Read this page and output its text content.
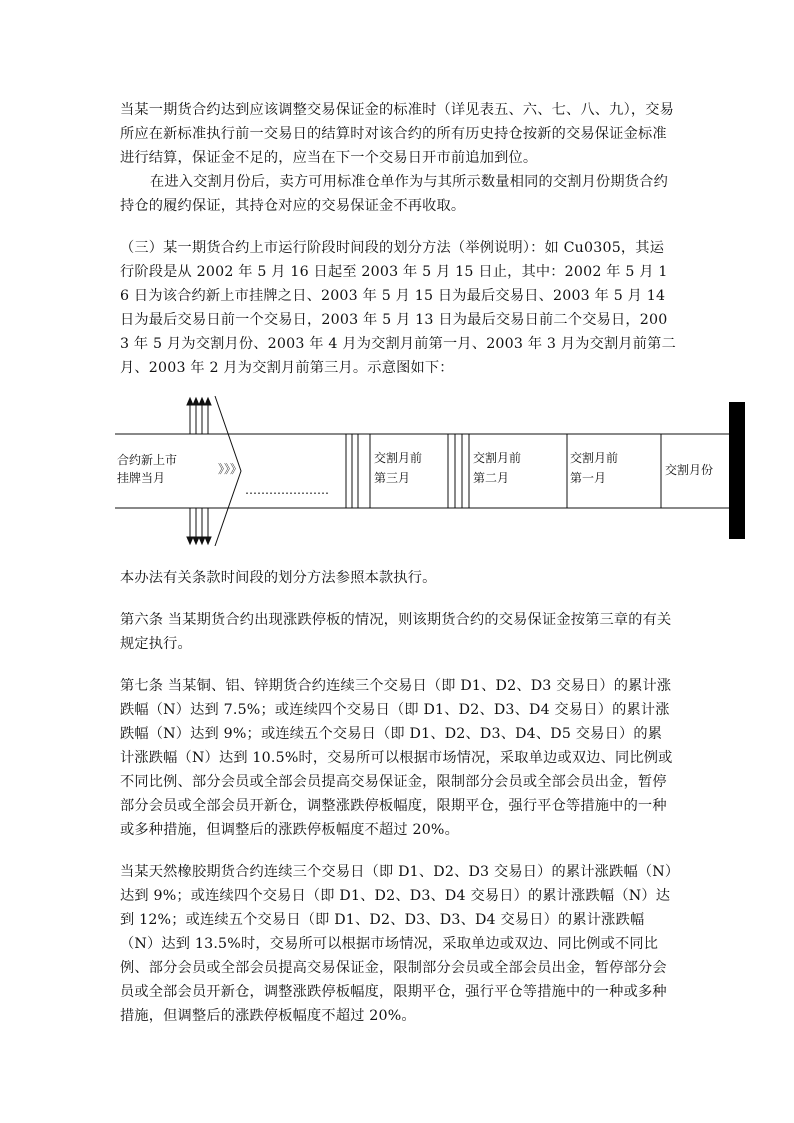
当某一期货合约达到应该调整交易保证金的标准时（详见表五、六、七、八、九），交易所应在新标准执行前一交易日的结算时对该合约的所有历史持仓按新的交易保证金标准进行结算，保证金不足的，应当在下一个交易日开市前追加到位。

在进入交割月份后，卖方可用标准仓单作为与其所示数量相同的交割月份期货合约持仓的履约保证，其持仓对应的交易保证金不再收取。

（三）某一期货合约上市运行阶段时间段的划分方法（举例说明）：如 Cu0305，其运行阶段是从 2002 年 5 月 16 日起至 2003 年 5 月 15 日止，其中：2002 年 5 月 16 日为该合约新上市挂牌之日、2003 年 5 月 15 日为最后交易日、2003 年 5 月 14 日为最后交易日前一个交易日，2003 年 5 月 13 日为最后交易日前二个交易日，2003 年 5 月为交割月份、2003 年 4 月为交割月前第一月、2003 年 3 月为交割月前第二月、2003 年 2 月为交割月前第三月。示意图如下：

合约新上市
挂牌当月
》》》
…………………
交割月前
第三月
交割月前
第二月
交割月前
第一月
交割月份

本办法有关条款时间段的划分方法参照本款执行。

第六条 当某期货合约出现涨跌停板的情况，则该期货合约的交易保证金按第三章的有关规定执行。

第七条 当某铜、铝、锌期货合约连续三个交易日（即 D1、D2、D3 交易日）的累计涨跌幅（N）达到 7.5%；或连续四个交易日（即 D1、D2、D3、D4 交易日）的累计涨跌幅（N）达到 9%；或连续五个交易日（即 D1、D2、D3、D4、D5 交易日）的累计涨跌幅（N）达到 10.5%时，交易所可以根据市场情况，采取单边或双边、同比例或不同比例、部分会员或全部会员提高交易保证金，限制部分会员或全部会员出金，暂停部分会员或全部会员开新仓，调整涨跌停板幅度，限期平仓，强行平仓等措施中的一种或多种措施，但调整后的涨跌停板幅度不超过 20%。

当某天然橡胶期货合约连续三个交易日（即 D1、D2、D3 交易日）的累计涨跌幅（N）达到 9%；或连续四个交易日（即 D1、D2、D3、D4 交易日）的累计涨跌幅（N）达到 12%；或连续五个交易日（即 D1、D2、D3、D3、D4 交易日）的累计涨跌幅（N）达到 13.5%时，交易所可以根据市场情况，采取单边或双边、同比例或不同比例、部分会员或全部会员提高交易保证金，限制部分会员或全部会员出金，暂停部分会员或全部会员开新仓，调整涨跌停板幅度，限期平仓，强行平仓等措施中的一种或多种措施，但调整后的涨跌停板幅度不超过 20%。
